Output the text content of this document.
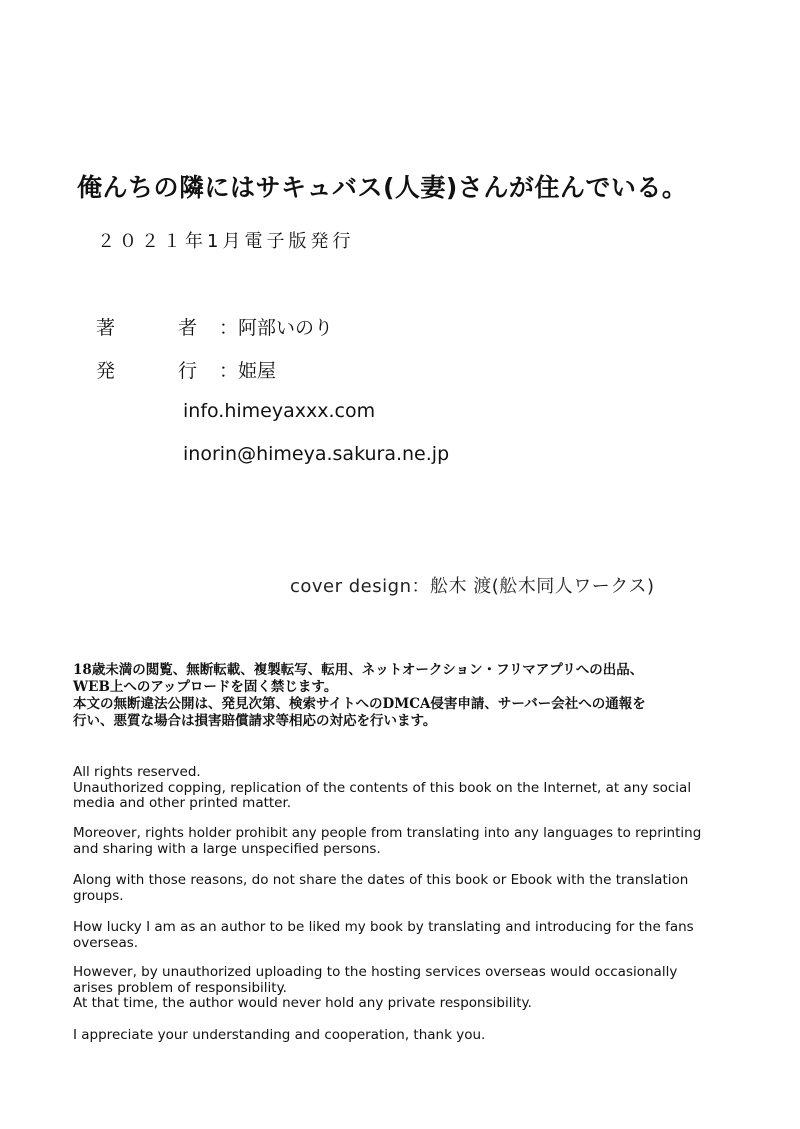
俺んちの隣にはサキュバス(人妻)さんが住んでいる。
２０２１年1月電子版発行
著　者：阿部いのり
発　行：姫屋
info.himeyaxxx.com
inorin@himeya.sakura.ne.jp
cover design：舩木 渡(舩木同人ワークス)
18歳未満の閲覧、無断転載、複製転写、転用、ネットオークション・フリマアプリへの出品、
WEB上へのアップロードを固く禁じます。
本文の無断違法公開は、発見次第、検索サイトへのDMCA侵害申請、サーバー会社への通報を
行い、悪質な場合は損害賠償請求等相応の対応を行います。
All rights reserved.
Unauthorized copping, replication of the contents of this book on the Internet, at any social
media and other printed matter.
Moreover, rights holder prohibit any people from translating into any languages to reprinting
and sharing with a large unspecified persons.
Along with those reasons, do not share the dates of this book or Ebook with the translation
groups.
How lucky I am as an author to be liked my book by translating and introducing for the fans
overseas.
However, by unauthorized uploading to the hosting services overseas would occasionally
arises problem of responsibility.
At that time, the author would never hold any private responsibility.
I appreciate your understanding and cooperation, thank you.
